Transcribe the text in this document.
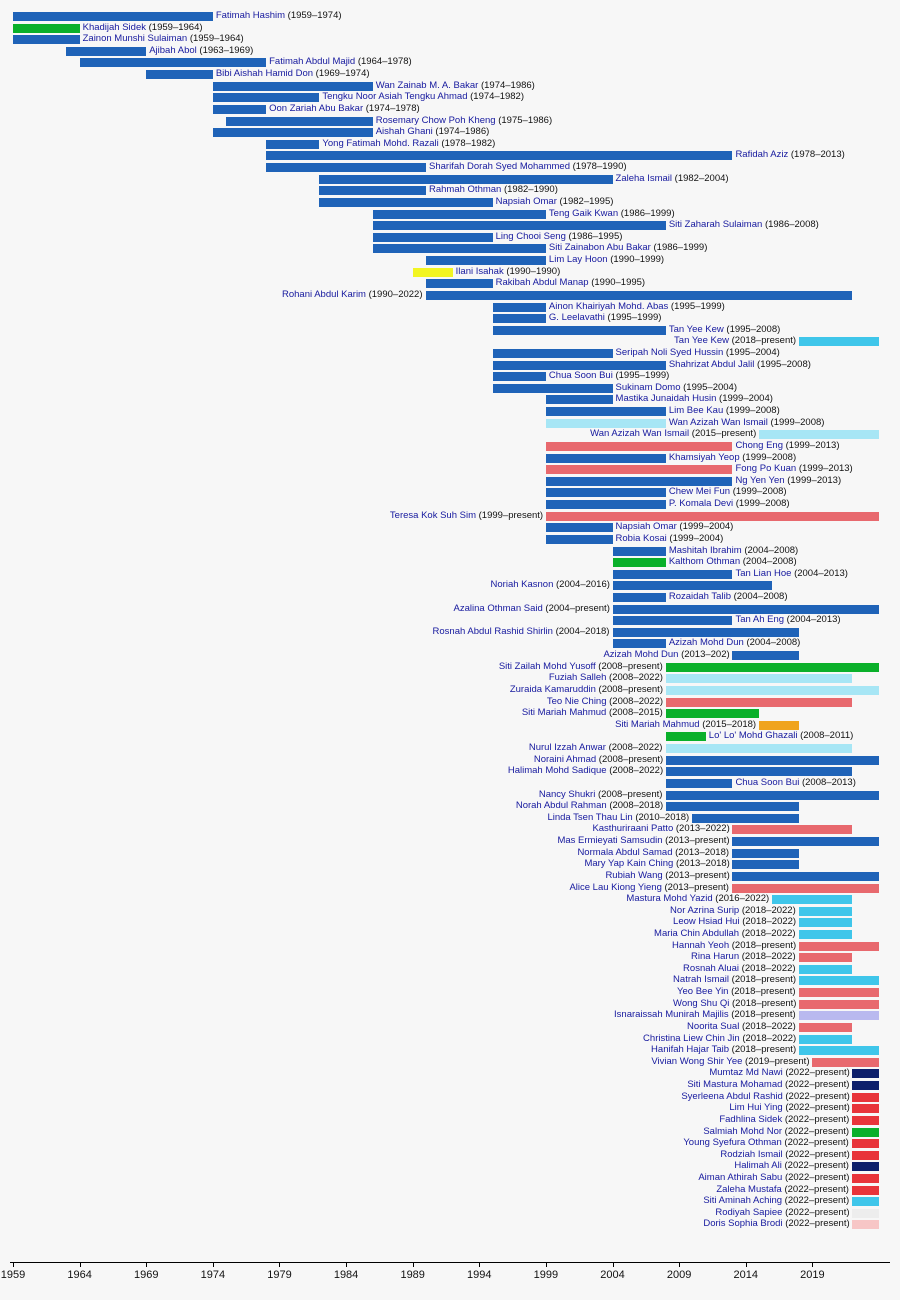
Fatimah Hashim (1959–1974)
Khadijah Sidek (1959–1964)
Zainon Munshi Sulaiman (1959–1964)
Ajibah Abol (1963–1969)
Fatimah Abdul Majid (1964–1978)
Bibi Aishah Hamid Don (1969–1974)
Wan Zainab M. A. Bakar (1974–1986)
Tengku Noor Asiah Tengku Ahmad (1974–1982)
Oon Zariah Abu Bakar (1974–1978)
Rosemary Chow Poh Kheng (1975–1986)
Aishah Ghani (1974–1986)
Yong Fatimah Mohd. Razali (1978–1982)
Rafidah Aziz (1978–2013)
Sharifah Dorah Syed Mohammed (1978–1990)
Zaleha Ismail (1982–2004)
Rahmah Othman (1982–1990)
Napsiah Omar (1982–1995)
Teng Gaik Kwan (1986–1999)
Siti Zaharah Sulaiman (1986–2008)
Ling Chooi Seng (1986–1995)
Siti Zainabon Abu Bakar (1986–1999)
Lim Lay Hoon (1990–1999)
Ilani Isahak (1990–1990)
Rakibah Abdul Manap (1990–1995)
Rohani Abdul Karim (1990–2022)
Ainon Khairiyah Mohd. Abas (1995–1999)
G. Leelavathi (1995–1999)
Tan Yee Kew (1995–2008)
Tan Yee Kew (2018–present)
Seripah Noli Syed Hussin (1995–2004)
Shahrizat Abdul Jalil (1995–2008)
Chua Soon Bui (1995–1999)
Sukinam Domo (1995–2004)
Mastika Junaidah Husin (1999–2004)
Lim Bee Kau (1999–2008)
Wan Azizah Wan Ismail (1999–2008)
Wan Azizah Wan Ismail (2015–present)
Chong Eng (1999–2013)
Khamsiyah Yeop (1999–2008)
Fong Po Kuan (1999–2013)
Ng Yen Yen (1999–2013)
Chew Mei Fun (1999–2008)
P. Komala Devi (1999–2008)
Teresa Kok Suh Sim (1999–present)
Napsiah Omar (1999–2004)
Robia Kosai (1999–2004)
Mashitah Ibrahim (2004–2008)
Kalthom Othman (2004–2008)
Tan Lian Hoe (2004–2013)
Noriah Kasnon (2004–2016)
Rozaidah Talib (2004–2008)
Azalina Othman Said (2004–present)
Tan Ah Eng (2004–2013)
Rosnah Abdul Rashid Shirlin (2004–2018)
Azizah Mohd Dun (2004–2008)
Azizah Mohd Dun (2013–202)
Siti Zailah Mohd Yusoff (2008–present)
Fuziah Salleh (2008–2022)
Zuraida Kamaruddin (2008–present)
Teo Nie Ching (2008–2022)
Siti Mariah Mahmud (2008–2015)
Siti Mariah Mahmud (2015–2018)
Lo' Lo' Mohd Ghazali (2008–2011)
Nurul Izzah Anwar (2008–2022)
Noraini Ahmad (2008–present)
Halimah Mohd Sadique (2008–2022)
Chua Soon Bui (2008–2013)
Nancy Shukri (2008–present)
Norah Abdul Rahman (2008–2018)
Linda Tsen Thau Lin (2010–2018)
Kasthuriraani Patto (2013–2022)
Mas Ermieyati Samsudin (2013–present)
Normala Abdul Samad (2013–2018)
Mary Yap Kain Ching (2013–2018)
Rubiah Wang (2013–present)
Alice Lau Kiong Yieng (2013–present)
Mastura Mohd Yazid (2016–2022)
Nor Azrina Surip (2018–2022)
Leow Hsiad Hui (2018–2022)
Maria Chin Abdullah (2018–2022)
Hannah Yeoh (2018–present)
Rina Harun (2018–2022)
Rosnah Aluai (2018–2022)
Natrah Ismail (2018–present)
Yeo Bee Yin (2018–present)
Wong Shu Qi (2018–present)
Isnaraissah Munirah Majilis (2018–present)
Noorita Sual (2018–2022)
Christina Liew Chin Jin (2018–2022)
Hanifah Hajar Taib (2018–present)
Vivian Wong Shir Yee (2019–present)
Mumtaz Md Nawi (2022–present)
Siti Mastura Mohamad (2022–present)
Syerleena Abdul Rashid (2022–present)
Lim Hui Ying (2022–present)
Fadhlina Sidek (2022–present)
Salmiah Mohd Nor (2022–present)
Young Syefura Othman (2022–present)
Rodziah Ismail (2022–present)
Halimah Ali (2022–present)
Aiman Athirah Sabu (2022–present)
Zaleha Mustafa (2022–present)
Siti Aminah Aching (2022–present)
Rodiyah Sapiee (2022–present)
Doris Sophia Brodi (2022–present)
1959	1964	1969	1974	1979	1984	1989	1994	1999	2004	2009	2014	2019
